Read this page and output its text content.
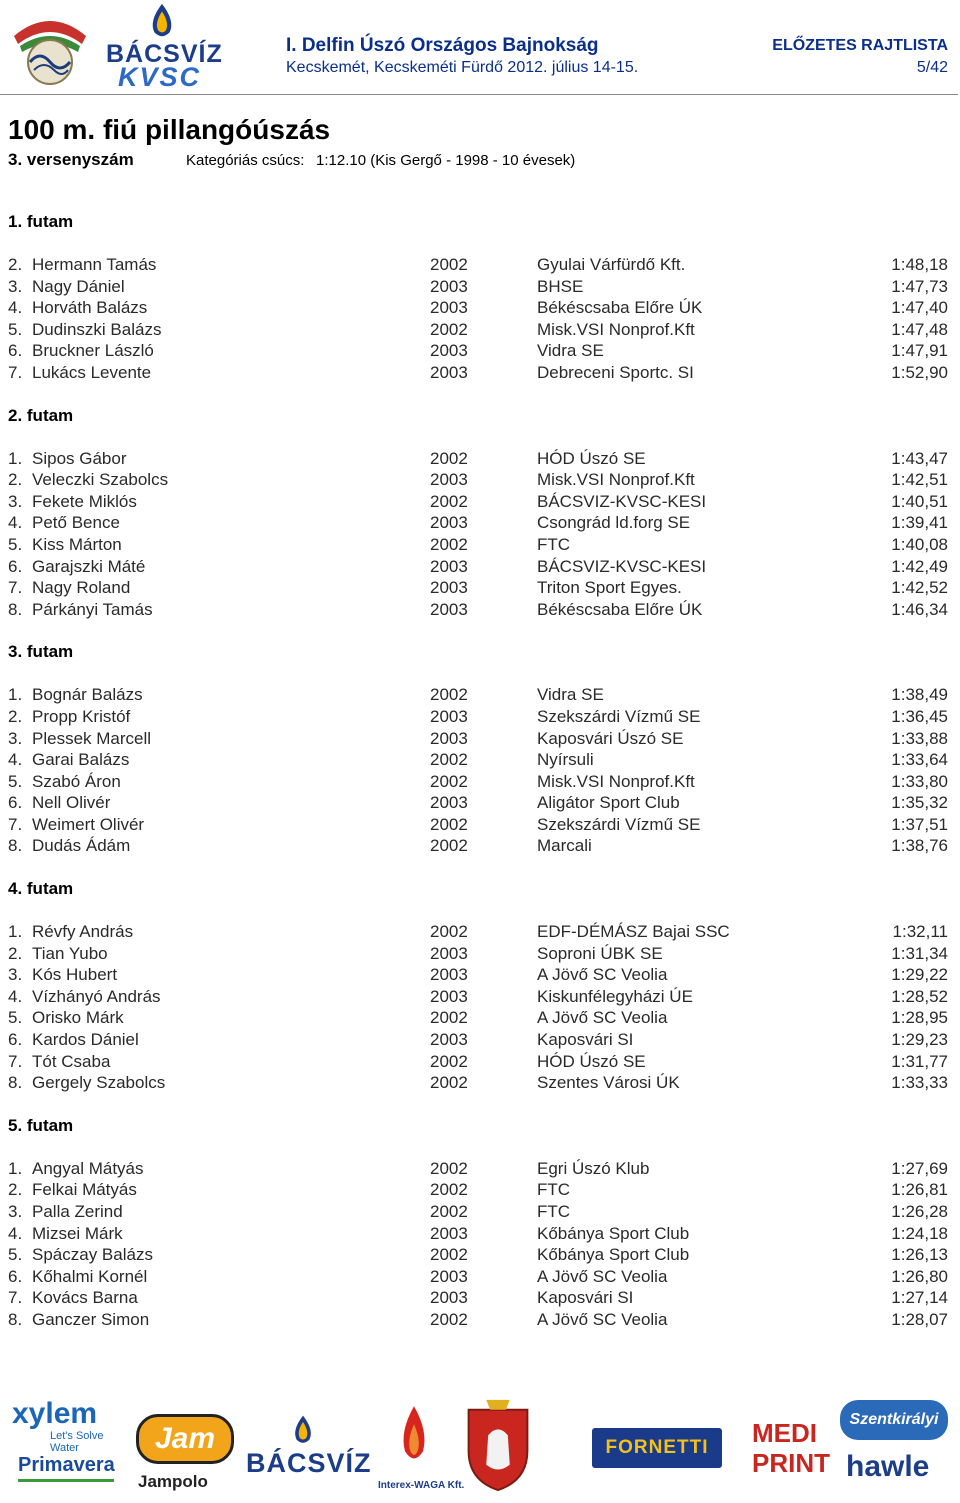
BÁCSVÍZ
KVSC
I. Delfin Úszó Országos Bajnokság
Kecskemét, Kecskeméti Fürdő 2012. július 14-15.
ELŐZETES RAJTLISTA
5/42
100 m. fiú pillangóúszás
3. versenyszám	Kategóriás csúcs: 1:12.10 (Kis Gergő - 1998 - 10 évesek)
1. futam
2. Hermann Tamás	2002	Gyulai Várfürdő Kft.	1:48,18
3. Nagy Dániel	2003	BHSE	1:47,73
4. Horváth Balázs	2003	Békéscsaba Előre ÚK	1:47,40
5. Dudinszki Balázs	2002	Misk.VSI Nonprof.Kft	1:47,48
6. Bruckner László	2003	Vidra SE	1:47,91
7. Lukács Levente	2003	Debreceni Sportc. SI	1:52,90
2. futam
1. Sipos Gábor	2002	HÓD Úszó SE	1:43,47
2. Veleczki Szabolcs	2003	Misk.VSI Nonprof.Kft	1:42,51
3. Fekete Miklós	2002	BÁCSVIZ-KVSC-KESI	1:40,51
4. Pető Bence	2003	Csongrád ld.forg SE	1:39,41
5. Kiss Márton	2002	FTC	1:40,08
6. Garajszki Máté	2003	BÁCSVIZ-KVSC-KESI	1:42,49
7. Nagy Roland	2003	Triton Sport Egyes.	1:42,52
8. Párkányi Tamás	2003	Békéscsaba Előre ÚK	1:46,34
3. futam
1. Bognár Balázs	2002	Vidra SE	1:38,49
2. Propp Kristóf	2003	Szekszárdi Vízmű SE	1:36,45
3. Plessek Marcell	2003	Kaposvári Úszó SE	1:33,88
4. Garai Balázs	2002	Nyírsuli	1:33,64
5. Szabó Áron	2002	Misk.VSI Nonprof.Kft	1:33,80
6. Nell Olivér	2003	Aligátor Sport Club	1:35,32
7. Weimert Olivér	2002	Szekszárdi Vízmű SE	1:37,51
8. Dudás Ádám	2002	Marcali	1:38,76
4. futam
1. Révfy András	2002	EDF-DÉMÁSZ Bajai SSC	1:32,11
2. Tian Yubo	2003	Soproni ÚBK SE	1:31,34
3. Kós Hubert	2003	A Jövő SC Veolia	1:29,22
4. Vízhányó András	2003	Kiskunfélegyházi ÚE	1:28,52
5. Orisko Márk	2002	A Jövő SC Veolia	1:28,95
6. Kardos Dániel	2003	Kaposvári SI	1:29,23
7. Tót Csaba	2002	HÓD Úszó SE	1:31,77
8. Gergely Szabolcs	2002	Szentes Városi ÚK	1:33,33
5. futam
1. Angyal Mátyás	2002	Egri Úszó Klub	1:27,69
2. Felkai Mátyás	2002	FTC	1:26,81
3. Palla Zerind	2002	FTC	1:26,28
4. Mizsei Márk	2003	Kőbánya Sport Club	1:24,18
5. Spáczay Balázs	2002	Kőbánya Sport Club	1:26,13
6. Kőhalmi Kornél	2003	A Jövő SC Veolia	1:26,80
7. Kovács Barna	2003	Kaposvári SI	1:27,14
8. Ganczer Simon	2002	A Jövő SC Veolia	1:28,07
xylem
Let's Solve Water
Primavera
Jam
Jampolo
BÁCSVÍZ
Interex-WAGA Kft.
FORNETTI	MEDI
PRINT
Szentkirályi
hawle
